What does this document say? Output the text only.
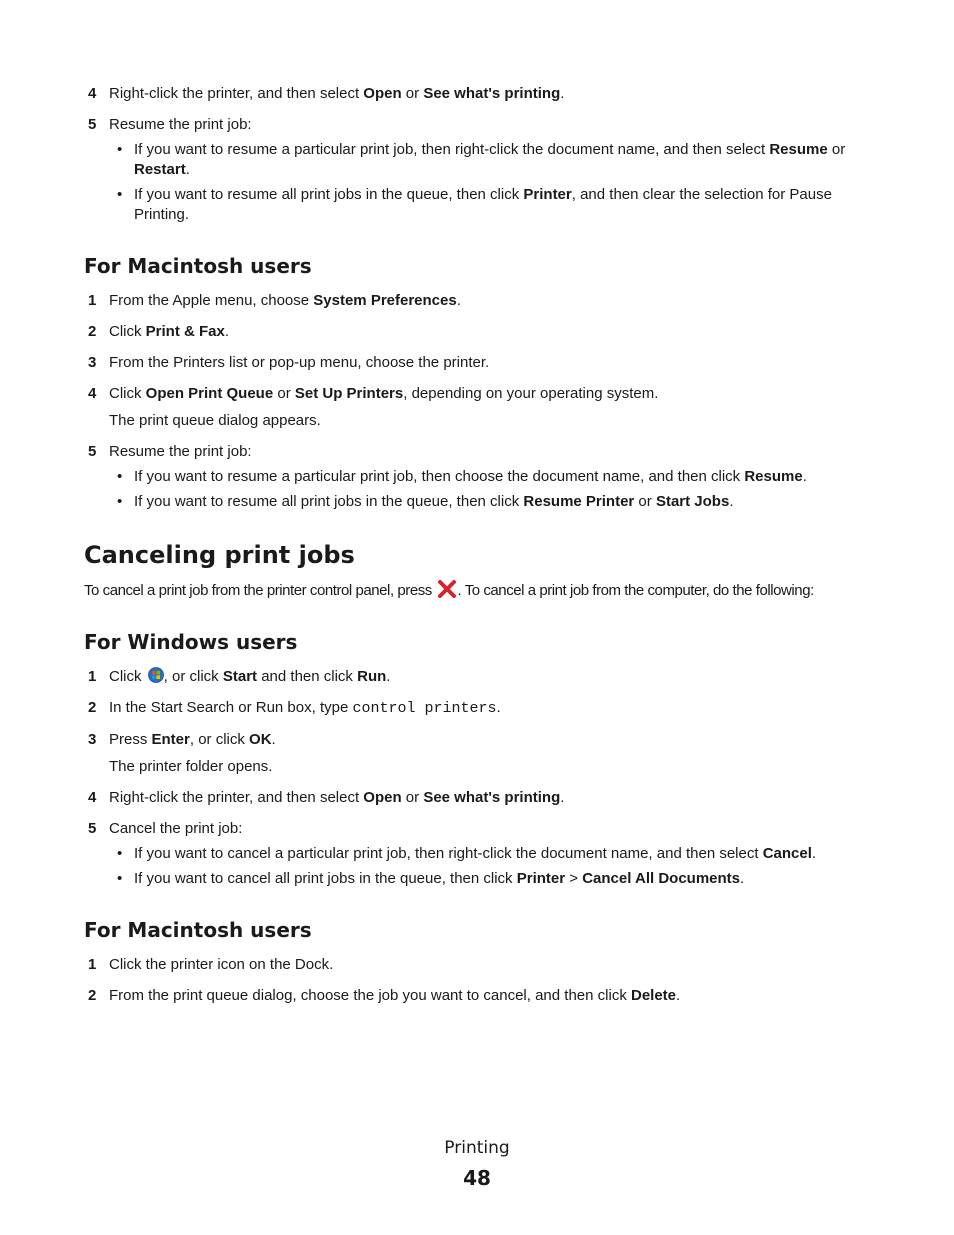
4 Right-click the printer, and then select Open or See what's printing.
5 Resume the print job:
• If you want to resume a particular print job, then right-click the document name, and then select Resume or Restart.
• If you want to resume all print jobs in the queue, then click Printer, and then clear the selection for Pause Printing.
For Macintosh users
1 From the Apple menu, choose System Preferences.
2 Click Print & Fax.
3 From the Printers list or pop-up menu, choose the printer.
4 Click Open Print Queue or Set Up Printers, depending on your operating system.
The print queue dialog appears.
5 Resume the print job:
• If you want to resume a particular print job, then choose the document name, and then click Resume.
• If you want to resume all print jobs in the queue, then click Resume Printer or Start Jobs.
Canceling print jobs
To cancel a print job from the printer control panel, press . To cancel a print job from the computer, do the following:
For Windows users
1 Click , or click Start and then click Run.
2 In the Start Search or Run box, type control printers.
3 Press Enter, or click OK.
The printer folder opens.
4 Right-click the printer, and then select Open or See what's printing.
5 Cancel the print job:
• If you want to cancel a particular print job, then right-click the document name, and then select Cancel.
• If you want to cancel all print jobs in the queue, then click Printer > Cancel All Documents.
For Macintosh users
1 Click the printer icon on the Dock.
2 From the print queue dialog, choose the job you want to cancel, and then click Delete.
Printing
48
